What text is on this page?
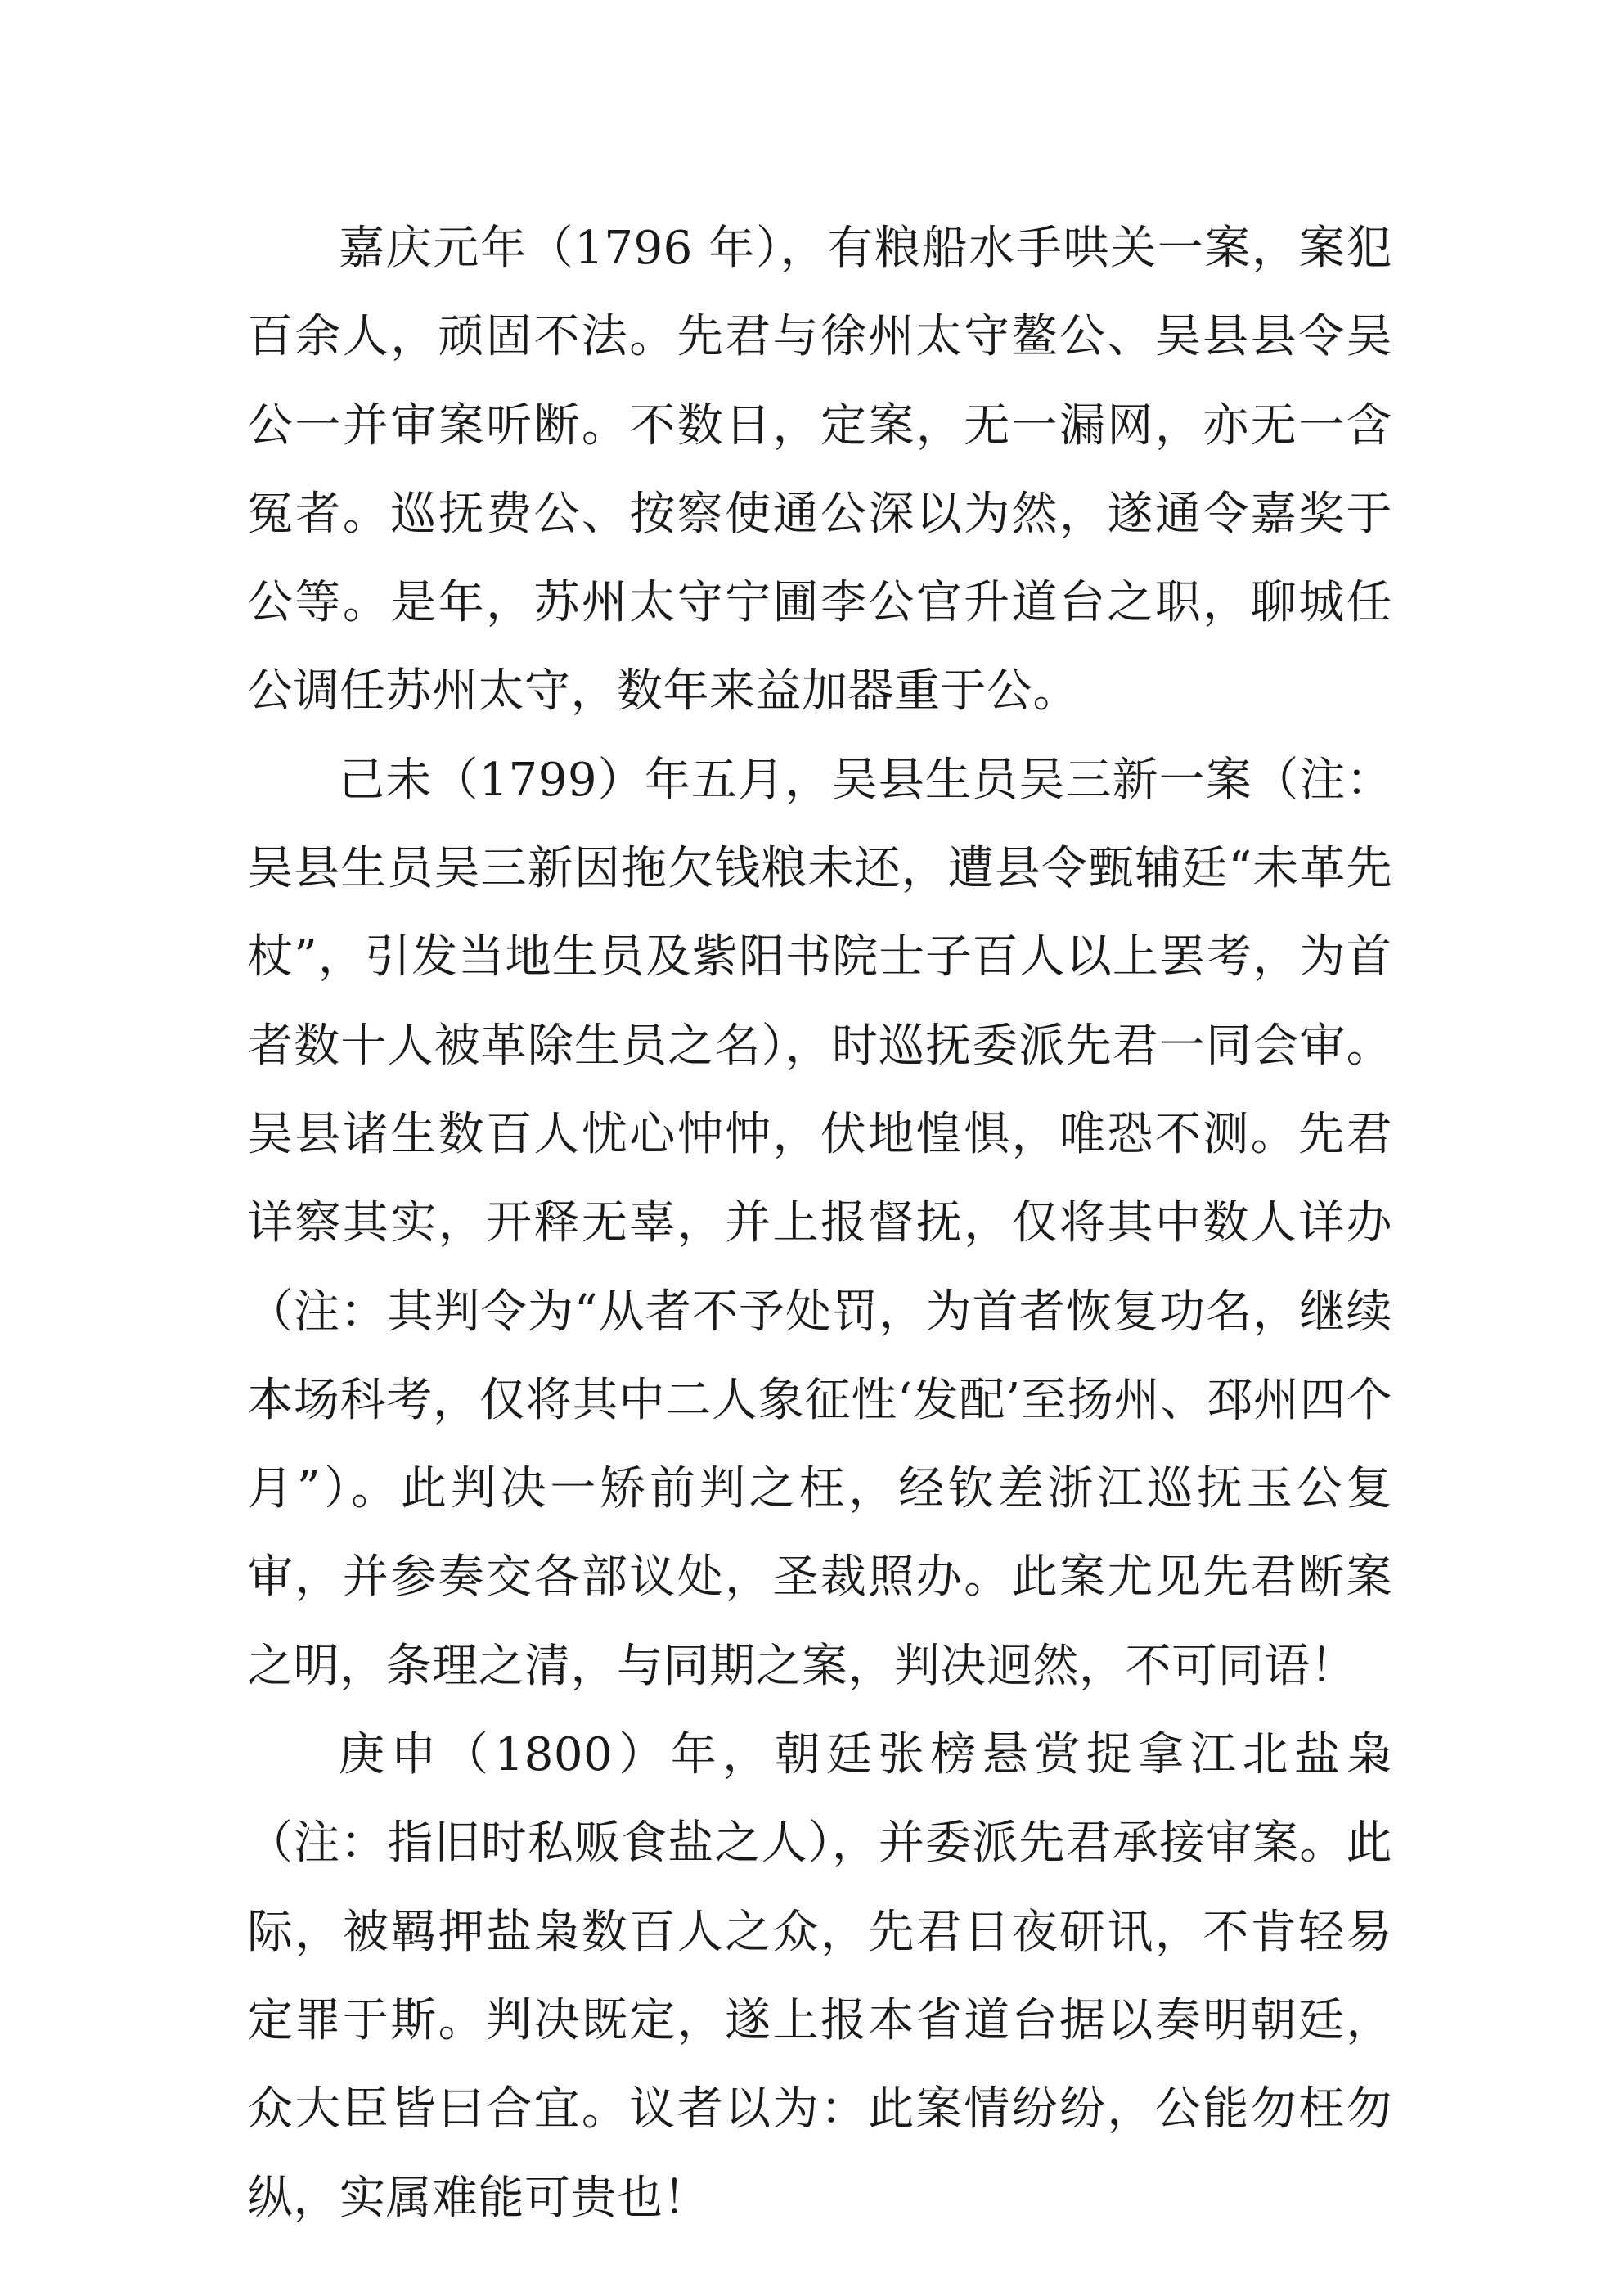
嘉庆元年（1796 年），有粮船水手哄关一案，案犯百余人，顽固不法。先君与徐州太守鳌公、吴县县令吴公一并审案听断。不数日，定案，无一漏网，亦无一含冤者。巡抚费公、按察使通公深以为然，遂通令嘉奖于公等。是年，苏州太守宁圃李公官升道台之职，聊城任公调任苏州太守，数年来益加器重于公。

己未（1799）年五月，吴县生员吴三新一案（注：吴县生员吴三新因拖欠钱粮未还，遭县令甄辅廷“未革先杖”，引发当地生员及紫阳书院士子百人以上罢考，为首者数十人被革除生员之名），时巡抚委派先君一同会审。吴县诸生数百人忧心忡忡，伏地惶惧，唯恐不测。先君详察其实，开释无辜，并上报督抚，仅将其中数人详办（注：其判令为“从者不予处罚，为首者恢复功名，继续本场科考，仅将其中二人象征性‘发配’至扬州、邳州四个月”）。此判决一矫前判之枉，经钦差浙江巡抚玉公复审，并参奏交各部议处，圣裁照办。此案尤见先君断案之明，条理之清，与同期之案，判决迥然，不可同语！

庚申（1800）年，朝廷张榜悬赏捉拿江北盐枭（注：指旧时私贩食盐之人），并委派先君承接审案。此际，被羁押盐枭数百人之众，先君日夜研讯，不肯轻易定罪于斯。判决既定，遂上报本省道台据以奏明朝廷，众大臣皆曰合宜。议者以为：此案情纷纷，公能勿枉勿纵，实属难能可贵也！
